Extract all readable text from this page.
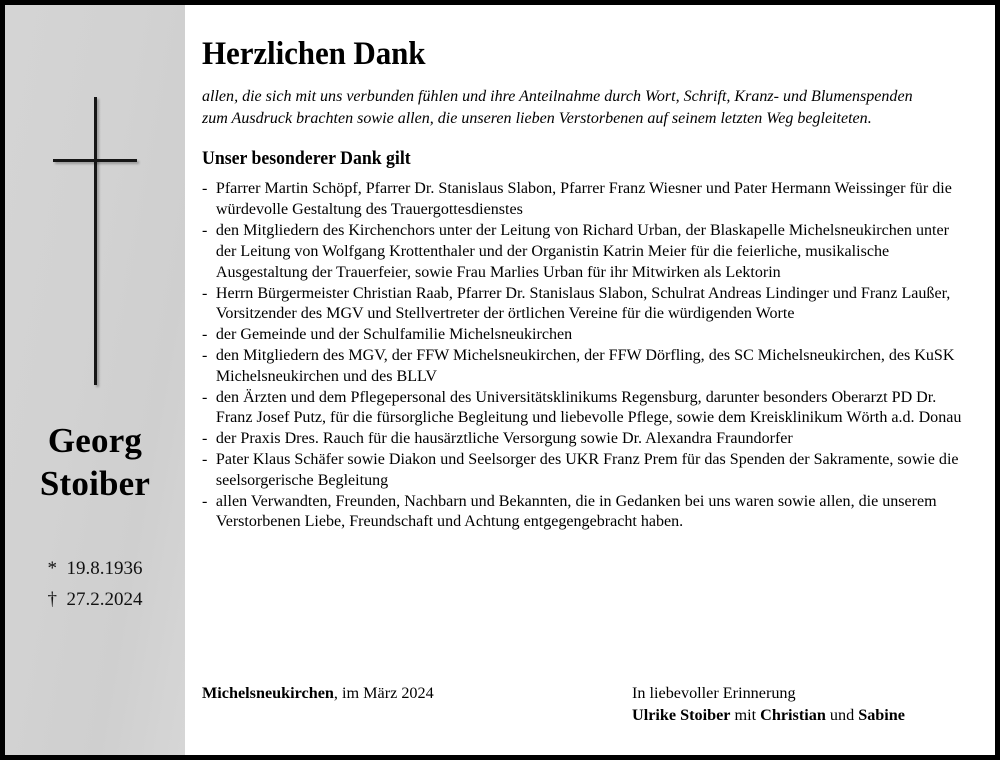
Georg
Stoiber
*  19.8.1936
†  27.2.2024
Herzlichen Dank

allen, die sich mit uns verbunden fühlen und ihre Anteilnahme durch Wort, Schrift, Kranz- und Blumenspenden zum Ausdruck brachten sowie allen, die unseren lieben Verstorbenen auf seinem letzten Weg begleiteten.

Unser besonderer Dank gilt
- Pfarrer Martin Schöpf, Pfarrer Dr. Stanislaus Slabon, Pfarrer Franz Wiesner und Pater Hermann Weissinger für die würdevolle Gestaltung des Trauergottesdienstes
- den Mitgliedern des Kirchenchors unter der Leitung von Richard Urban, der Blaskapelle Michelsneukirchen unter der Leitung von Wolfgang Krottenthaler und der Organistin Katrin Meier für die feierliche, musikalische Ausgestaltung der Trauerfeier, sowie Frau Marlies Urban für ihr Mitwirken als Lektorin
- Herrn Bürgermeister Christian Raab, Pfarrer Dr. Stanislaus Slabon, Schulrat Andreas Lindinger und Franz Laußer, Vorsitzender des MGV und Stellvertreter der örtlichen Vereine für die würdigenden Worte
- der Gemeinde und der Schulfamilie Michelsneukirchen
- den Mitgliedern des MGV, der FFW Michelsneukirchen, der FFW Dörfling, des SC Michelsneukirchen, des KuSK Michelsneukirchen und des BLLV
- den Ärzten und dem Pflegepersonal des Universitätsklinikums Regensburg, darunter besonders Oberarzt PD Dr. Franz Josef Putz, für die fürsorgliche Begleitung und liebevolle Pflege, sowie dem Kreisklinikum Wörth a.d. Donau
- der Praxis Dres. Rauch für die hausärztliche Versorgung sowie Dr. Alexandra Fraundorfer
- Pater Klaus Schäfer sowie Diakon und Seelsorger des UKR Franz Prem für das Spenden der Sakramente, sowie die seelsorgerische Begleitung
- allen Verwandten, Freunden, Nachbarn und Bekannten, die in Gedanken bei uns waren sowie allen, die unserem Verstorbenen Liebe, Freundschaft und Achtung entgegengebracht haben.
Michelsneukirchen, im März 2024	In liebevoller Erinnerung
Ulrike Stoiber mit Christian und Sabine
